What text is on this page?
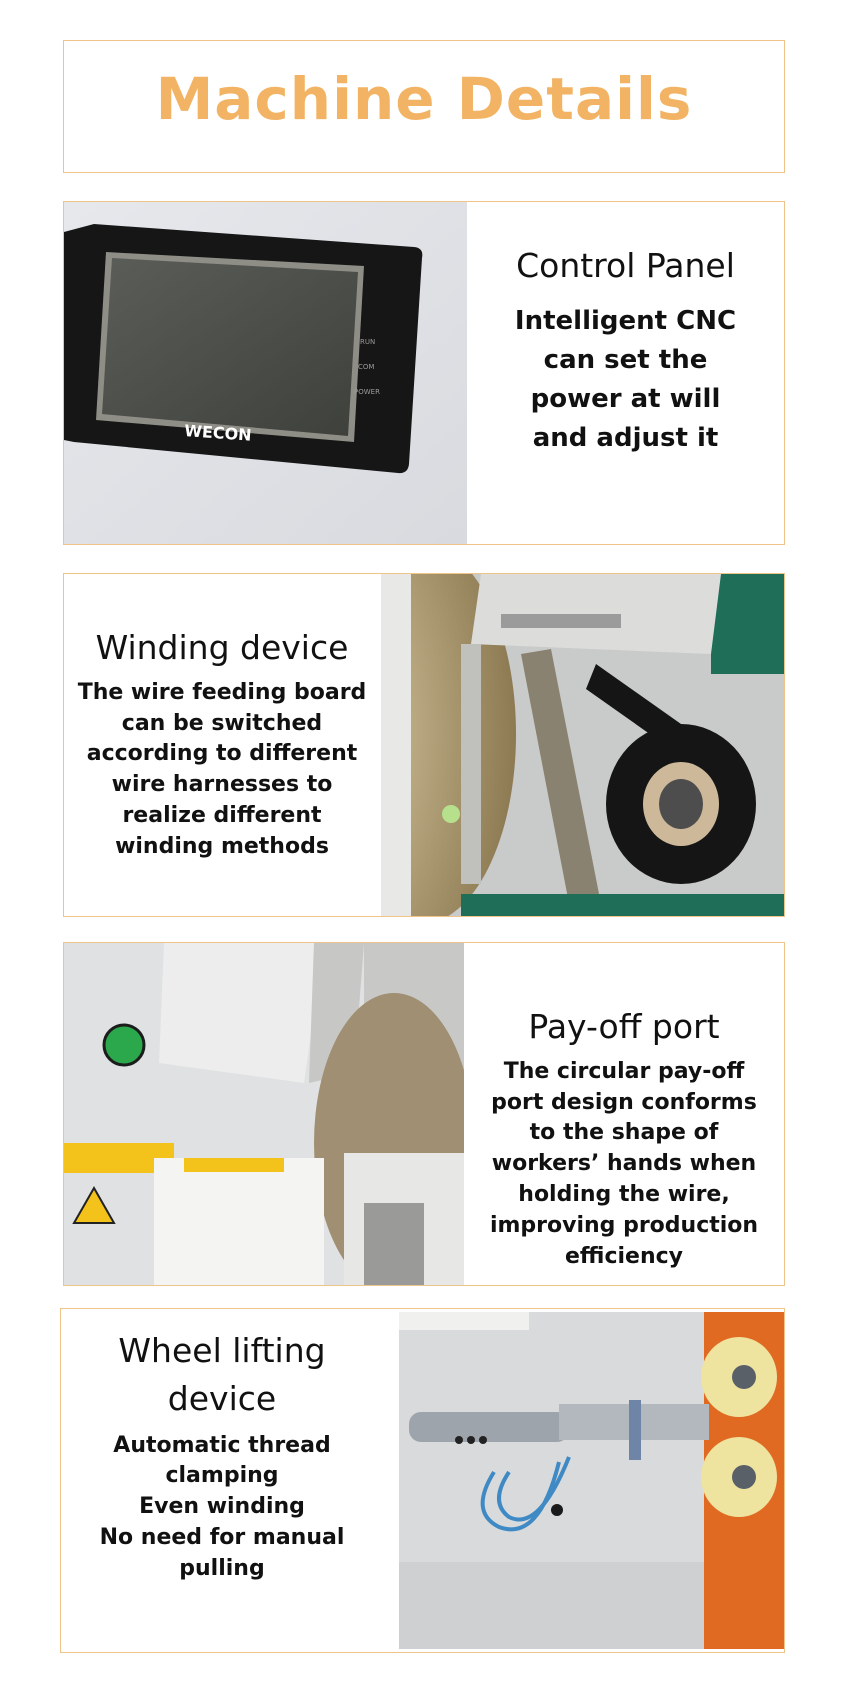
Machine Details
WECON
RUN
COM
POWER
Control Panel

Intelligent CNC
can set the
power at will
and adjust it

Winding device

The wire feeding board
can be switched
according to different
wire harnesses to
realize different
winding methods

Pay-off port

The circular pay-off
port design conforms
to the shape of
workers’ hands when
holding the wire,
improving production
efficiency

Wheel lifting
device

Automatic thread
clamping
Even winding
No need for manual
pulling
